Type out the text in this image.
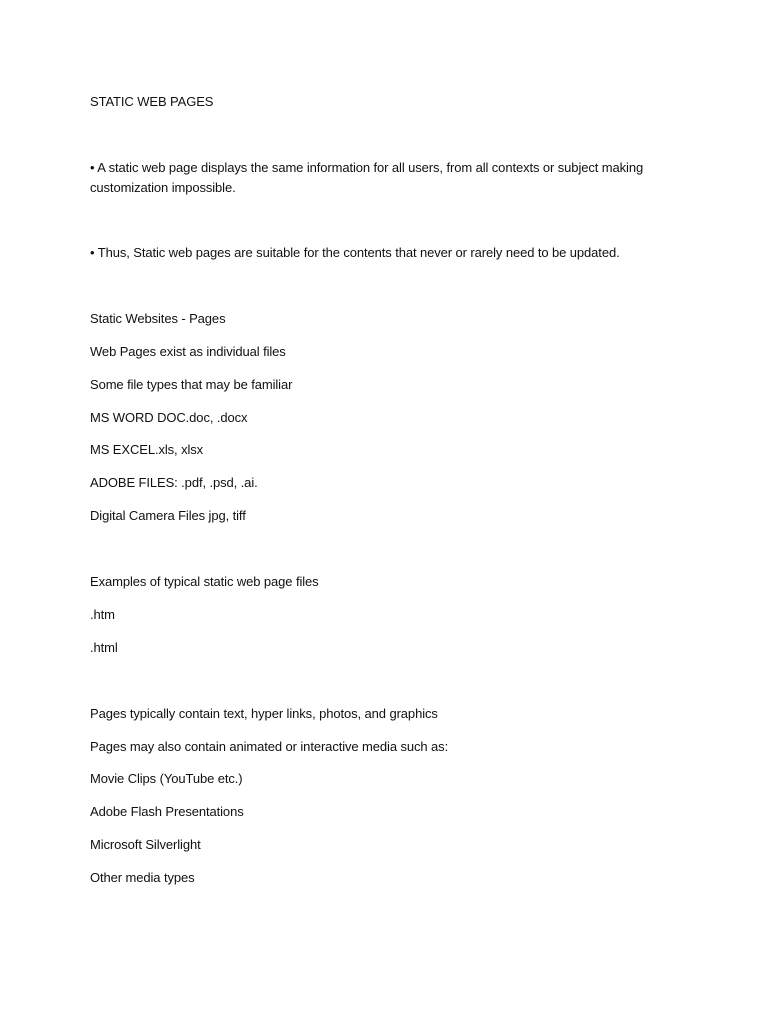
STATIC WEB PAGES
• A static web page displays the same information for all users, from all contexts or subject making customization impossible.
• Thus, Static web pages are suitable for the contents that never or rarely need to be updated.
Static Websites - Pages
Web Pages exist as individual files
Some file types that may be familiar
MS WORD DOC.doc, .docx
MS EXCEL.xls, xlsx
ADOBE FILES: .pdf, .psd, .ai.
Digital Camera Files jpg, tiff
Examples of typical static web page files
.htm
.html
Pages typically contain text, hyper links, photos, and graphics
Pages may also contain animated or interactive media such as:
Movie Clips (YouTube etc.)
Adobe Flash Presentations
Microsoft Silverlight
Other media types
